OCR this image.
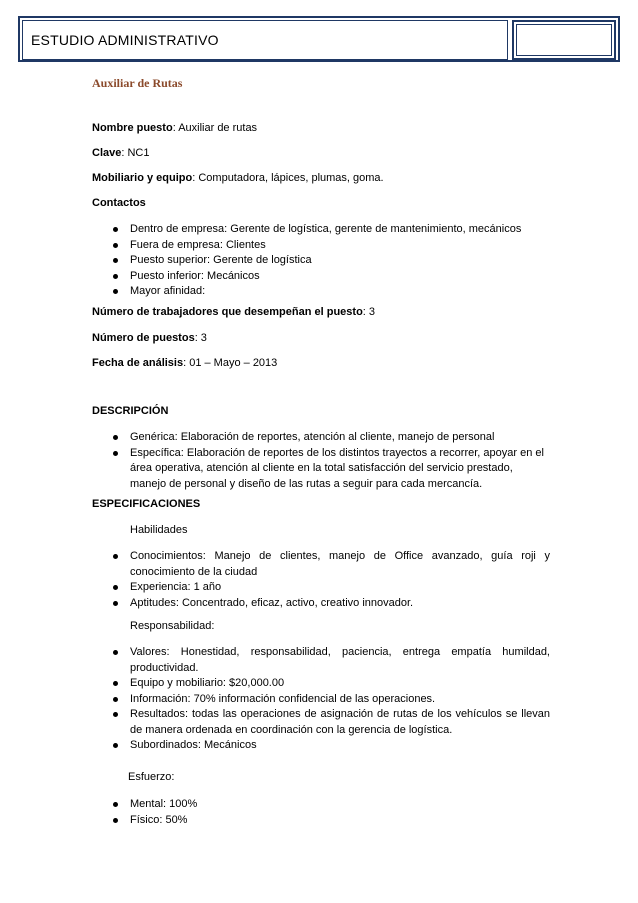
ESTUDIO ADMINISTRATIVO
Auxiliar de Rutas
Nombre puesto: Auxiliar de rutas
Clave: NC1
Mobiliario y equipo: Computadora, lápices, plumas, goma.
Contactos
Dentro de empresa: Gerente de logística, gerente de mantenimiento, mecánicos
Fuera de empresa: Clientes
Puesto superior: Gerente de logística
Puesto inferior: Mecánicos
Mayor afinidad:
Número de trabajadores que desempeñan el puesto: 3
Número de puestos: 3
Fecha de análisis: 01 – Mayo – 2013
DESCRIPCIÓN
Genérica: Elaboración de reportes, atención al cliente, manejo de personal
Específica: Elaboración de reportes de los distintos trayectos a recorrer, apoyar en el área operativa, atención al cliente en la total satisfacción del servicio prestado, manejo de personal y diseño de las rutas a seguir para cada mercancía.
ESPECIFICACIONES
Habilidades
Conocimientos: Manejo de clientes, manejo de Office avanzado, guía roji y conocimiento de la ciudad
Experiencia: 1 año
Aptitudes: Concentrado, eficaz, activo, creativo innovador.
Responsabilidad:
Valores: Honestidad, responsabilidad, paciencia, entrega empatía humildad, productividad.
Equipo y mobiliario: $20,000.00
Información: 70% información confidencial de las operaciones.
Resultados: todas las operaciones de asignación de rutas de los vehículos se llevan de manera ordenada en coordinación con la gerencia de logística.
Subordinados: Mecánicos
Esfuerzo:
Mental: 100%
Físico: 50%
